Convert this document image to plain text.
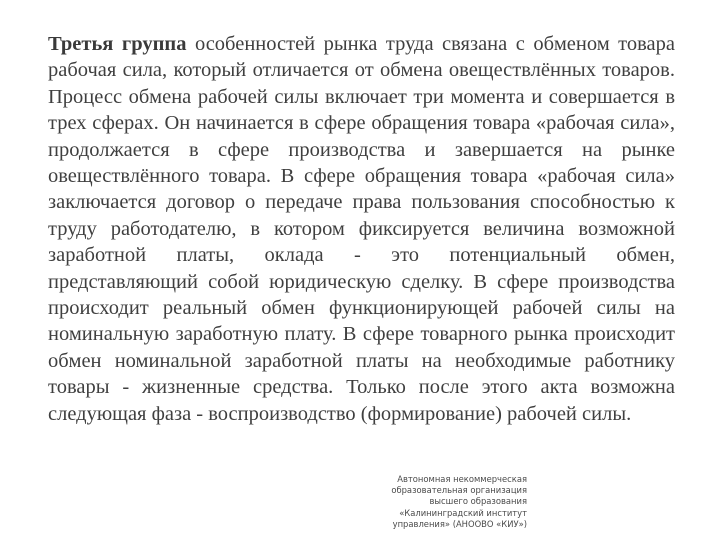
Третья группа особенностей рынка труда связана с обменом товара рабочая сила, который отличается от обмена овеществлённых товаров. Процесс обмена рабочей силы включает три момента и совершается в трех сферах. Он начинается в сфере обращения товара «рабочая сила», продолжается в сфере производства и завершается на рынке овеществлённого товара. В сфере обращения товара «рабочая сила» заключается договор о передаче права пользования способностью к труду работодателю, в котором фиксируется величина возможной заработной платы, оклада - это потенциальный обмен, представляющий собой юридическую сделку. В сфере производства происходит реальный обмен функционирующей рабочей силы на номинальную заработную плату. В сфере товарного рынка происходит обмен номинальной заработной платы на необходимые работнику товары - жизненные средства. Только после этого акта возможна следующая фаза - воспроизводство (формирование) рабочей силы.

Автономная некоммерческая
образовательная организация
высшего образования
«Калининградский институт
управления» (АНООВО «КИУ»)
